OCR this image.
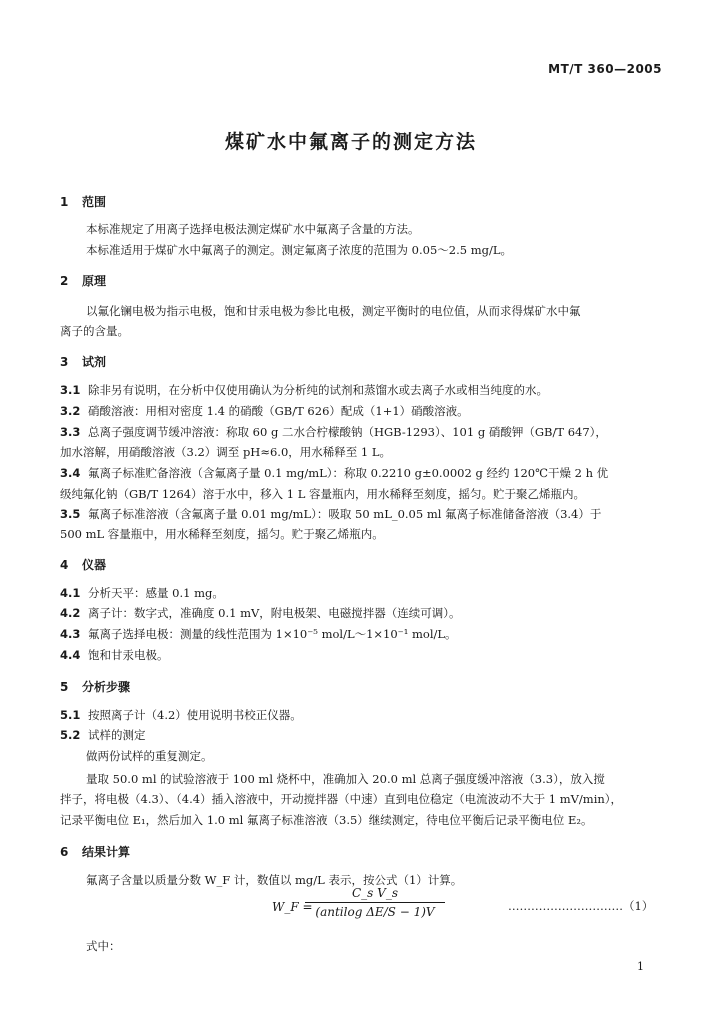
MT/T 360—2005
煤矿水中氟离子的测定方法
1 范围
本标准规定了用离子选择电极法测定煤矿水中氟离子含量的方法。
本标准适用于煤矿水中氟离子的测定。测定氟离子浓度的范围为 0.05～2.5 mg/L。
2 原理
以氟化镧电极为指示电极，饱和甘汞电极为参比电极，测定平衡时的电位值，从而求得煤矿水中氟
离子的含量。
3 试剂
3.1 除非另有说明，在分析中仅使用确认为分析纯的试剂和蒸馏水或去离子水或相当纯度的水。
3.2 硝酸溶液：用相对密度 1.4 的硝酸（GB/T 626）配成（1+1）硝酸溶液。
3.3 总离子强度调节缓冲溶液：称取 60 g 二水合柠檬酸钠（HGB-1293）、101 g 硝酸钾（GB/T 647），
加水溶解，用硝酸溶液（3.2）调至 pH≈6.0，用水稀释至 1 L。
3.4 氟离子标准贮备溶液（含氟离子量 0.1 mg/mL）：称取 0.2210 g±0.0002 g 经约 120℃干燥 2 h 优
级纯氟化钠（GB/T 1264）溶于水中，移入 1 L 容量瓶内，用水稀释至刻度，摇匀。贮于聚乙烯瓶内。
3.5 氟离子标准溶液（含氟离子量 0.01 mg/mL）：吸取 50 mL_0.05 ml 氟离子标准储备溶液（3.4）于
500 mL 容量瓶中，用水稀释至刻度，摇匀。贮于聚乙烯瓶内。
4 仪器
4.1 分析天平：感量 0.1 mg。
4.2 离子计：数字式，准确度 0.1 mV，附电极架、电磁搅拌器（连续可调）。
4.3 氟离子选择电极：测量的线性范围为 1×10⁻⁵ mol/L～1×10⁻¹ mol/L。
4.4 饱和甘汞电极。
5 分析步骤
5.1 按照离子计（4.2）使用说明书校正仪器。
5.2 试样的测定
做两份试样的重复测定。
量取 50.0 ml 的试验溶液于 100 ml 烧杯中，准确加入 20.0 ml 总离子强度缓冲溶液（3.3），放入搅
拌子，将电极（4.3）、（4.4）插入溶液中，开动搅拌器（中速）直到电位稳定（电流波动不大于 1 mV/min），
记录平衡电位 E₁，然后加入 1.0 ml 氟离子标准溶液（3.5）继续测定，待电位平衡后记录平衡电位 E₂。
6 结果计算
氟离子含量以质量分数 W_F 计，数值以 mg/L 表示，按公式（1）计算。
W_F =
C_s V_s
(antilog ΔE/S − 1)V	…………………………（1）
式中：
1
